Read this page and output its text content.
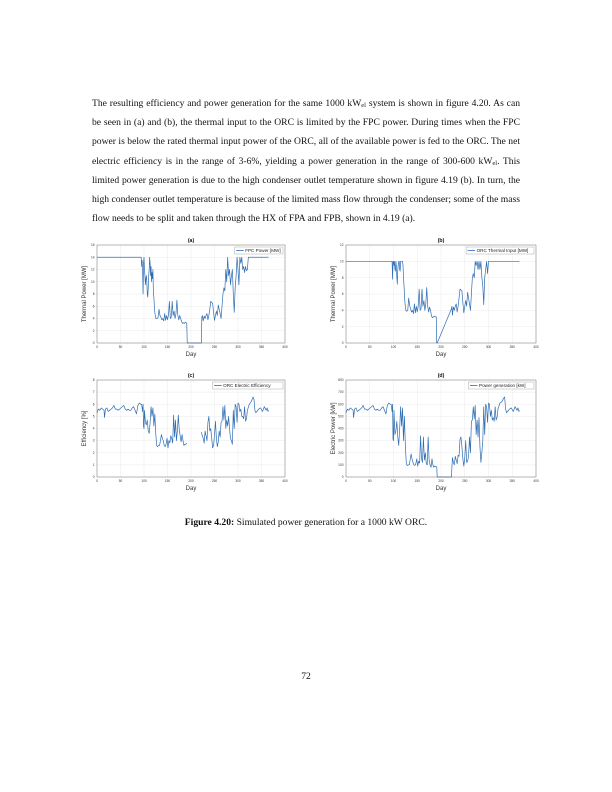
The resulting efficiency and power generation for the same 1000 $kW_{el}$ system is shown in figure 4.20. As can be seen in (a) and (b), the thermal input to the ORC is limited by the FPC power. During times when the FPC power is below the rated thermal input power of the ORC, all of the available power is fed to the ORC. The net electric efficiency is in the range of 3-6%, yielding a power generation in the range of 300-600 $kW_{el}$. This limited power generation is due to the high condenser outlet temperature shown in figure 4.19 (b). In turn, the high condenser outlet temperature is because of the limited mass flow through the condenser; some of the mass flow needs to be split and taken through the HX of FPA and FPB, shown in 4.19 (a).
0	50	100	150	200	250	300	350	400
0
2
4
6
8
10
12
14
16
Day
Thermal Power [MW]
(a)
FPC Power [MW]
0	50	100	150	200	250	300	350	400
0
2
4
6
8
10
12
Day
Thermal Power [MW]
(b)
ORC Thermal Input [MW]
0	50	100	150	200	250	300	350	400
0
1
2
3
4
5
6
7
8
Day
Efficiency [%]
(c)
ORC Electric Efficiency
0	50	100	150	200	250	300	350	400
0
100
200
300
400
500
600
700
800
Day
Electric Power [kW]
(d)
Power generation [kW]
Figure 4.20: Simulated power generation for a 1000 kW ORC.
72
